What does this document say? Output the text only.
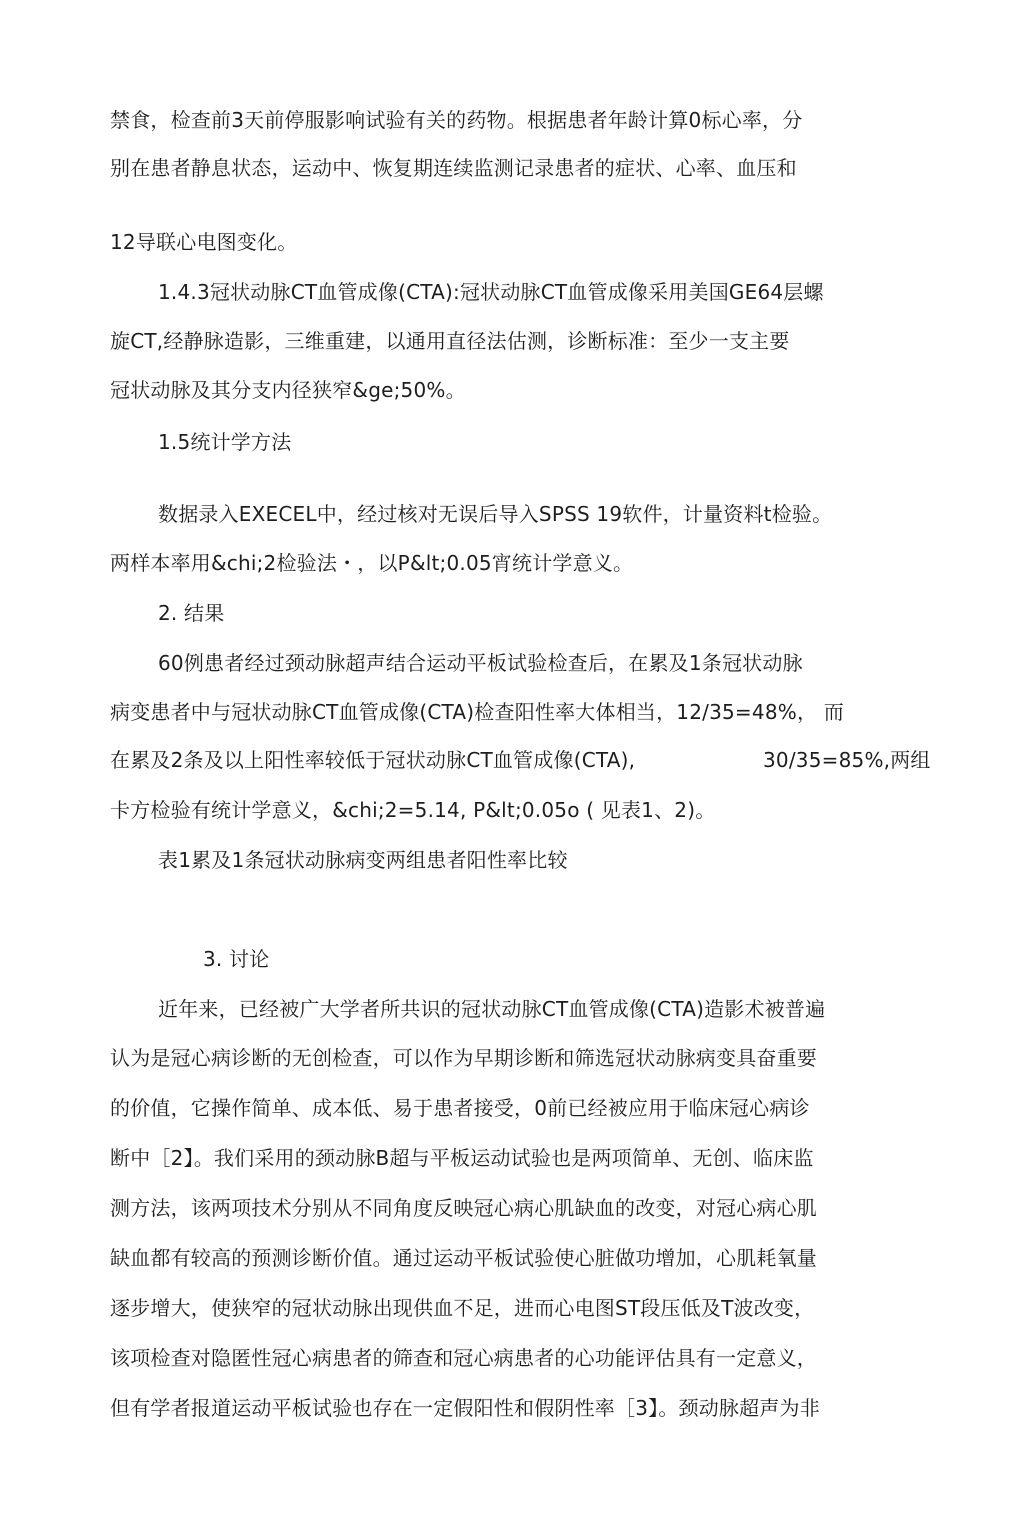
禁食，检查前3天前停服影响试验有关的药物。根据患者年龄计算0标心率，分
别在患者静息状态，运动中、恢复期连续监测记录患者的症状、心率、血压和
12导联心电图变化。
1.4.3冠状动脉CT血管成像(CTA):冠状动脉CT血管成像采用美国GE64层螺
旋CT,经静脉造影，三维重建，以通用直径法估测，诊断标准：至少一支主要
冠状动脉及其分支内径狭窄&ge;50%。
1.5统计学方法
数据录入EXECEL中，经过核对无误后导入SPSS 19软件，计量资料t检验。
两样本率用&chi;2检验法・，以P&lt;0.05宵统计学意义。
2. 结果
60例患者经过颈动脉超声结合运动平板试验检查后，在累及1条冠状动脉
病变患者中与冠状动脉CT血管成像(CTA)检查阳性率大体相当，12/35=48%， 而
在累及2条及以上阳性率较低于冠状动脉CT血管成像(CTA),	30/35=85%,两组
卡方检验有统计学意义，&chi;2=5.14, P&lt;0.05o ( 见表1、2)。
表1累及1条冠状动脉病变两组患者阳性率比较
3. 讨论
近年来，已经被广大学者所共识的冠状动脉CT血管成像(CTA)造影术被普遍
认为是冠心病诊断的无创检查，可以作为早期诊断和筛选冠状动脉病变具奋重要
的价值，它操作简单、成本低、易于患者接受，0前已经被应用于临床冠心病诊
断中［2】。我们采用的颈动脉B超与平板运动试验也是两项简单、无创、临床监
测方法，该两项技术分别从不同角度反映冠心病心肌缺血的改变，对冠心病心肌
缺血都有较高的预测诊断价值。通过运动平板试验使心脏做功增加，心肌耗氧量
逐步增大，使狭窄的冠状动脉出现供血不足，进而心电图ST段压低及T波改变，
该项检查对隐匿性冠心病患者的筛查和冠心病患者的心功能评估具有一定意义，
但有学者报道运动平板试验也存在一定假阳性和假阴性率［3】。颈动脉超声为非
